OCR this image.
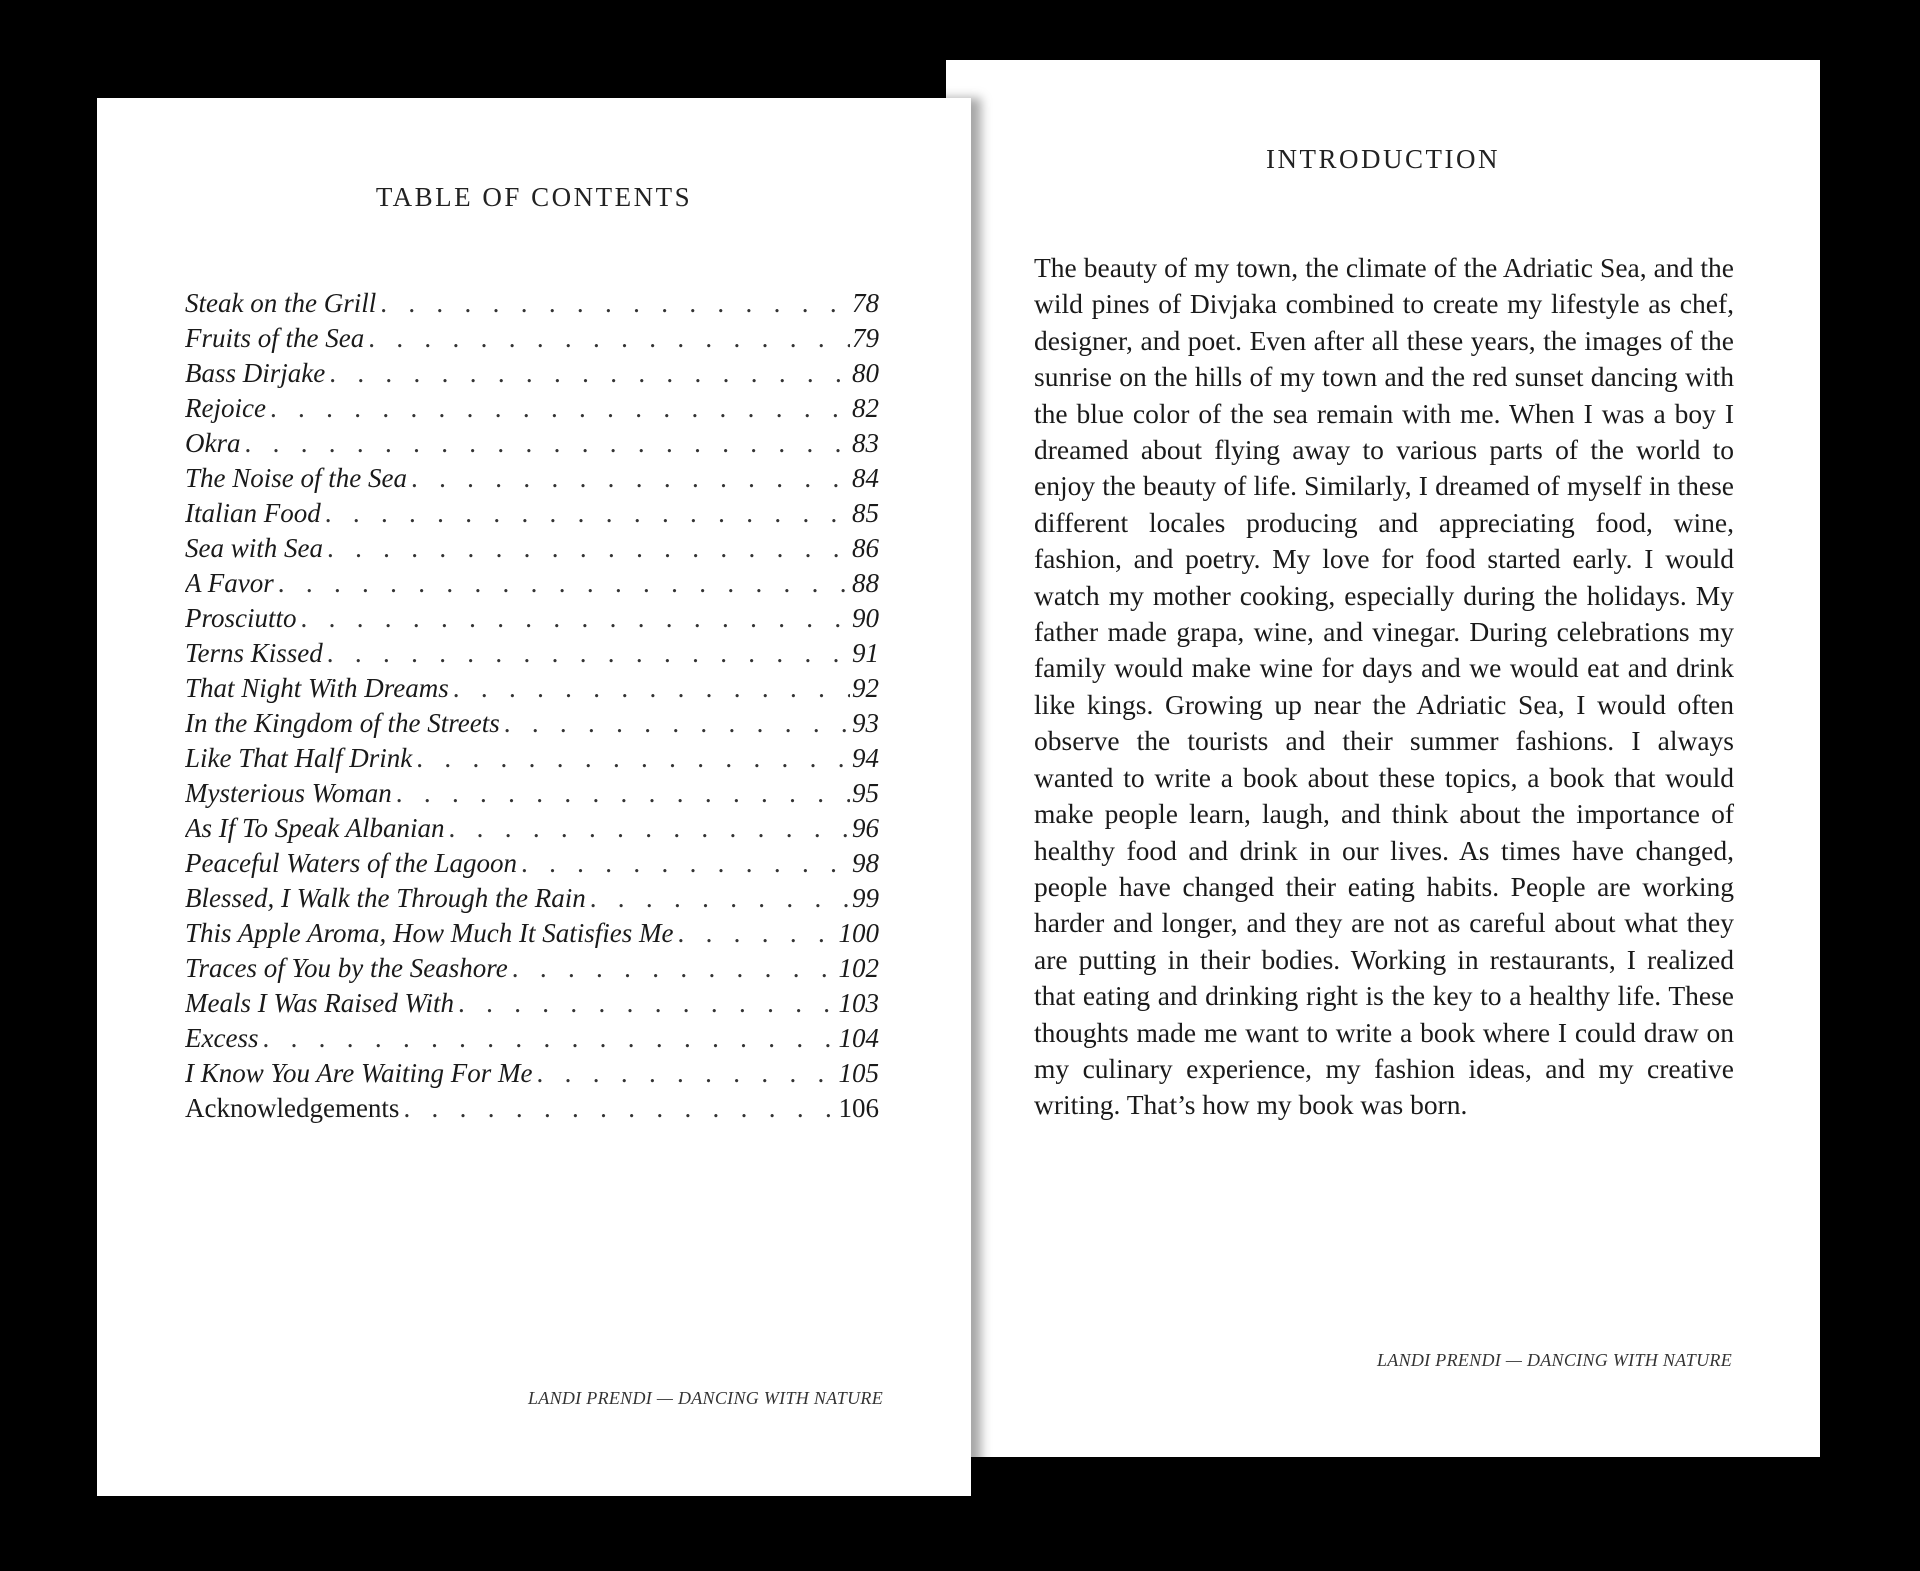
INTRODUCTION

The beauty of my town, the climate of the Adriatic Sea, and the wild pines of Divjaka combined to create my lifestyle as chef, designer, and poet. Even after all these years, the images of the sunrise on the hills of my town and the red sunset dancing with the blue color of the sea remain with me. When I was a boy I dreamed about flying away to various parts of the world to enjoy the beauty of life. Similarly, I dreamed of myself in these different locales producing and appreciating food, wine, fashion, and poetry. My love for food started early. I would watch my mother cooking, especially during the holidays. My father made grapa, wine, and vinegar. During celebrations my family would make wine for days and we would eat and drink like kings. Growing up near the Adriatic Sea, I would often observe the tourists and their summer fashions. I always wanted to write a book about these topics, a book that would make people learn, laugh, and think about the importance of healthy food and drink in our lives. As times have changed, people have changed their eating habits. People are working harder and longer, and they are not as careful about what they are putting in their bodies. Working in restaurants, I realized that eating and drinking right is the key to a healthy life. These thoughts made me want to write a book where I could draw on my culinary experience, my fashion ideas, and my creative writing. That’s how my book was born.

LANDI PRENDI — DANCING WITH NATURE
TABLE OF CONTENTS
Steak on the Grill . . .	78
Fruits of the Sea . . .	79
Bass Dirjake . . .	80
Rejoice . . .	82
Okra . . .	83
The Noise of the Sea . . .	84
Italian Food . . .	85
Sea with Sea . . .	86
A Favor . . .	88
Prosciutto . . .	90
Terns Kissed . . .	91
That Night With Dreams . . .	92
In the Kingdom of the Streets . . .	93
Like That Half Drink . . .	94
Mysterious Woman . . .	95
As If To Speak Albanian . . .	96
Peaceful Waters of the Lagoon . . .	98
Blessed, I Walk the Through the Rain . . .	99
This Apple Aroma, How Much It Satisfies Me . . .	100
Traces of You by the Seashore . . .	102
Meals I Was Raised With . . .	103
Excess . . .	104
I Know You Are Waiting For Me . . .	105
Acknowledgements . . .	106
LANDI PRENDI — DANCING WITH NATURE
